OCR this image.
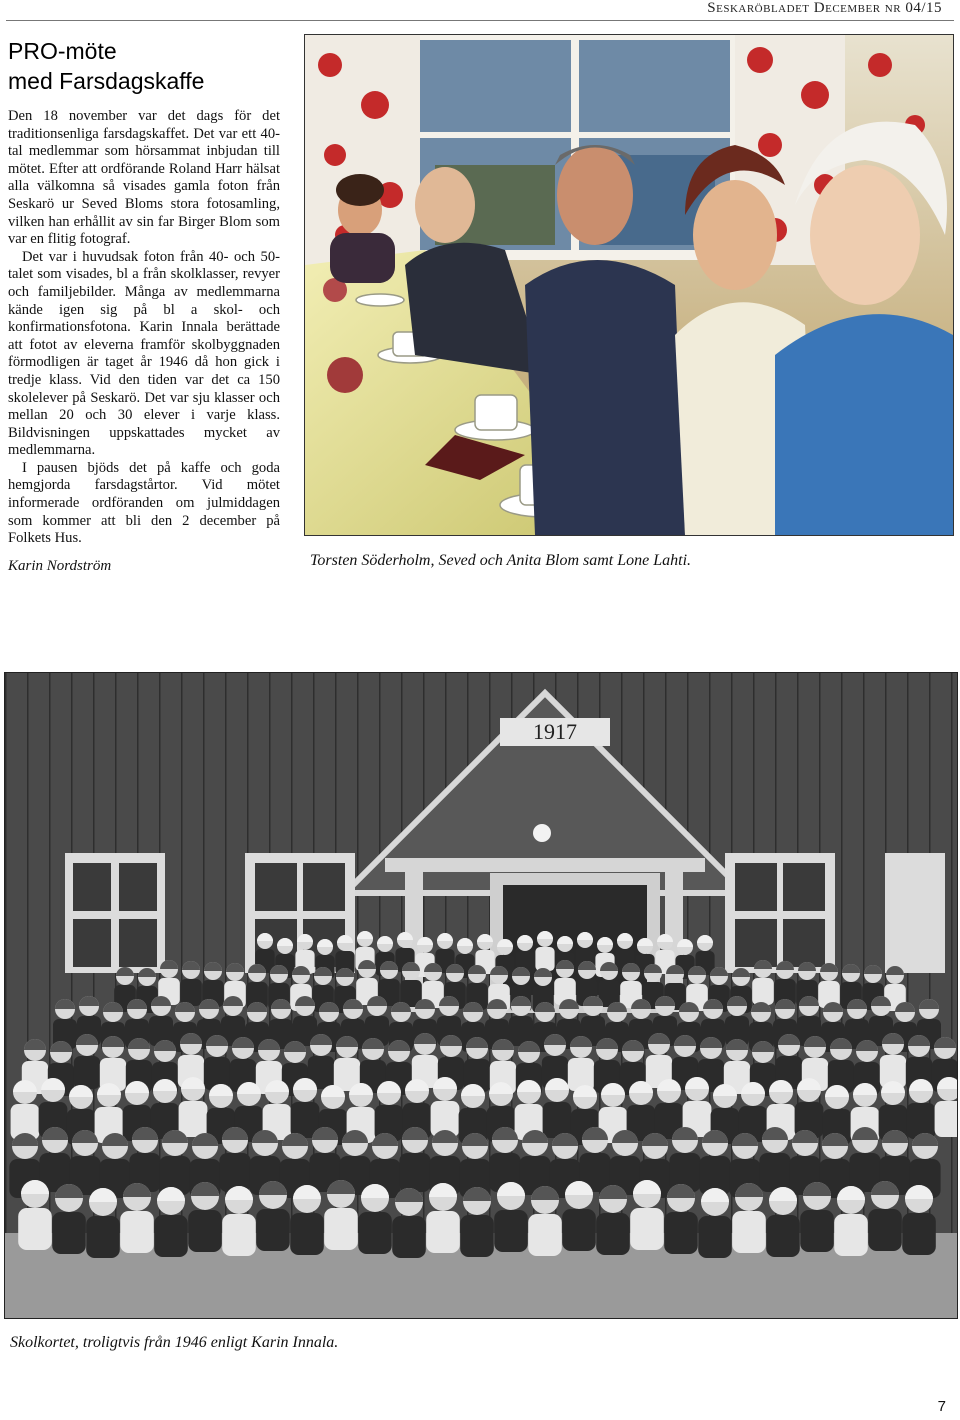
Seskaröbladet December nr 04/15
PRO-möte
med Farsdagskaffe

Den 18 november var det dags för det traditionsenliga farsdagskaffet. Det var ett 40-tal medlemmar som hörsammat inbjudan till mötet. Efter att ordförande Roland Harr hälsat alla välkomna så visades gamla foton från Seskarö ur Seved Bloms stora fotosamling, vilken han erhållit av sin far Birger Blom som var en flitig fotograf.

Det var i huvudsak foton från 40- och 50-talet som visades, bl a från skolklasser, revyer och familjebilder. Många av medlemmarna kände igen sig på bl a skol- och konfirmationsfotona. Karin Innala berättade att fotot av eleverna framför skolbyggnaden förmodligen är taget år 1946 då hon gick i tredje klass. Vid den tiden var det ca 150 skolelever på Seskarö. Det var sju klasser och mellan 20 och 30 elever i varje klass. Bildvisningen uppskattades mycket av medlemmarna.

I pausen bjöds det på kaffe och goda hemgjorda farsdagstårtor. Vid mötet informerade ordföranden om julmiddagen som kommer att bli den 2 december på Folkets Hus.

Karin Nordström	Torsten Söderholm, Seved och Anita Blom samt Lone Lahti.
1917
Skolkortet, troligtvis från 1946 enligt Karin Innala.
7
